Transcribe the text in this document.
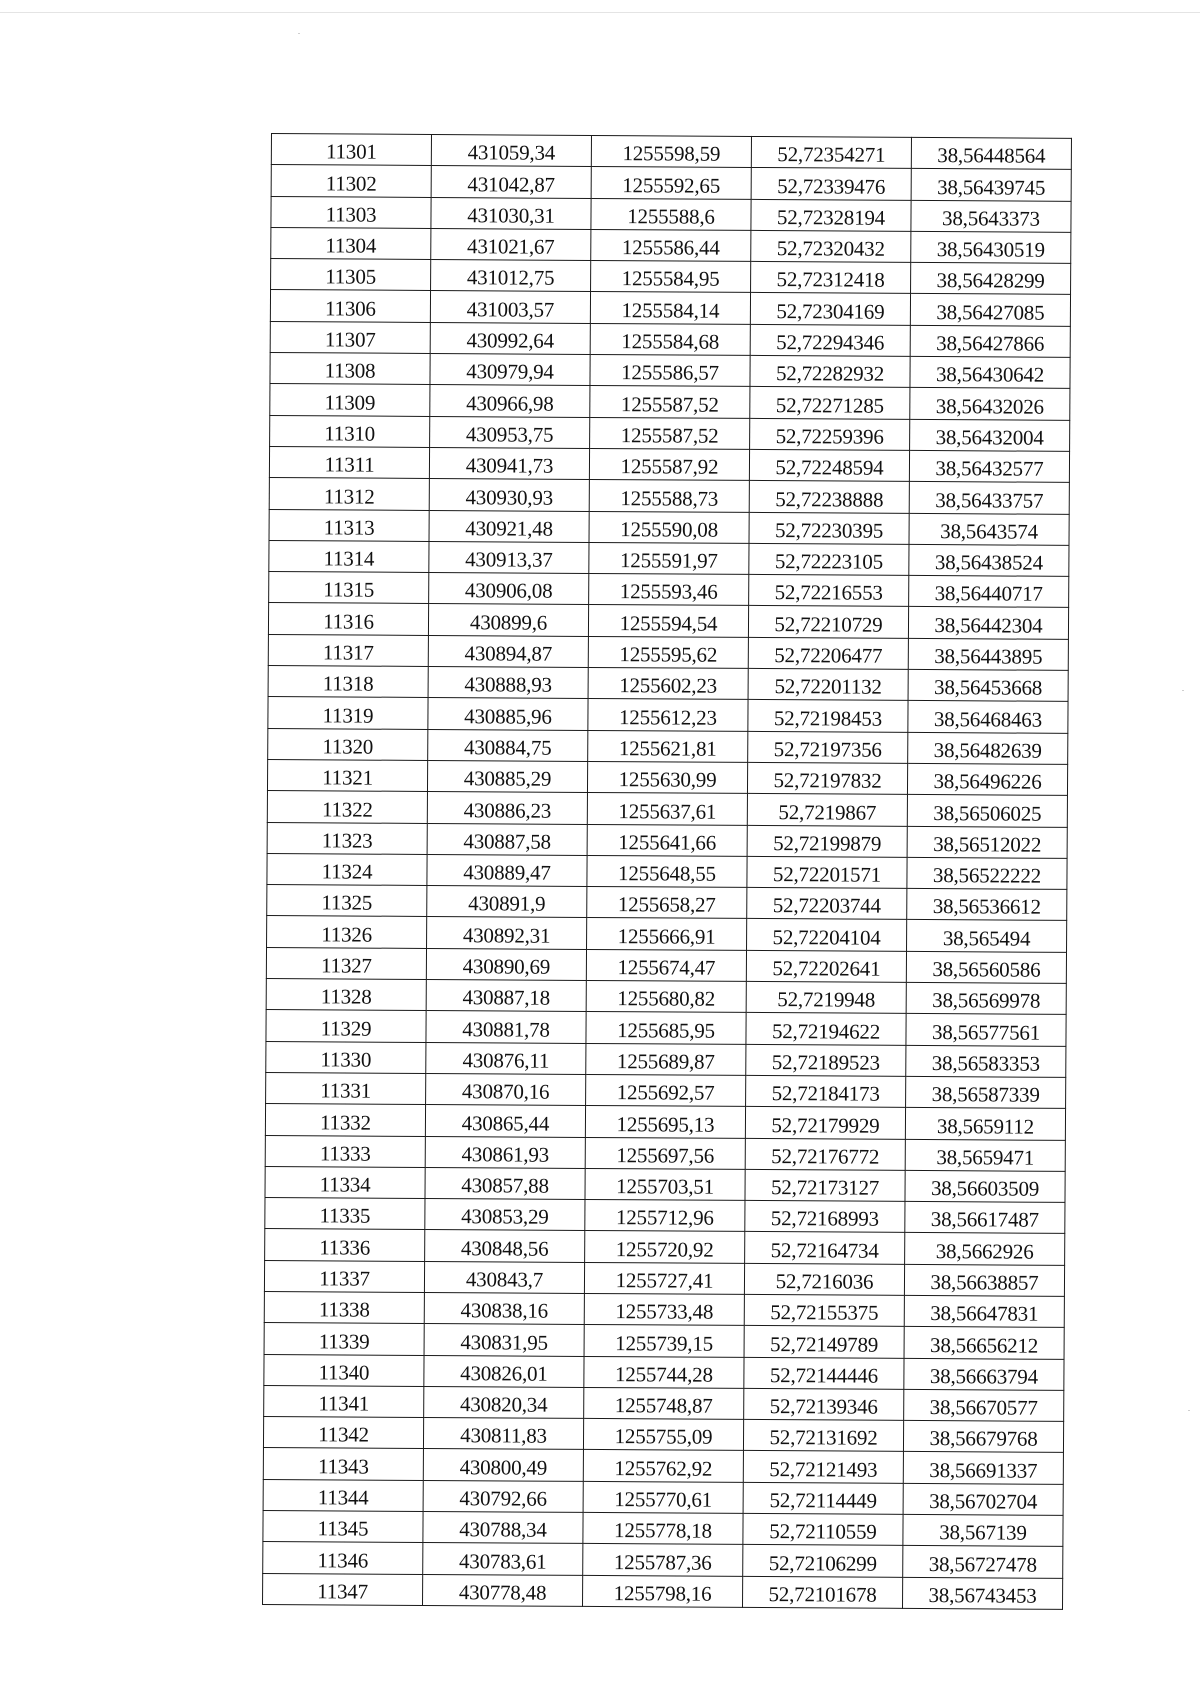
11301	431059,34	1255598,59	52,72354271	38,56448564
11302	431042,87	1255592,65	52,72339476	38,56439745
11303	431030,31	1255588,6	52,72328194	38,5643373
11304	431021,67	1255586,44	52,72320432	38,56430519
11305	431012,75	1255584,95	52,72312418	38,56428299
11306	431003,57	1255584,14	52,72304169	38,56427085
11307	430992,64	1255584,68	52,72294346	38,56427866
11308	430979,94	1255586,57	52,72282932	38,56430642
11309	430966,98	1255587,52	52,72271285	38,56432026
11310	430953,75	1255587,52	52,72259396	38,56432004
11311	430941,73	1255587,92	52,72248594	38,56432577
11312	430930,93	1255588,73	52,72238888	38,56433757
11313	430921,48	1255590,08	52,72230395	38,5643574
11314	430913,37	1255591,97	52,72223105	38,56438524
11315	430906,08	1255593,46	52,72216553	38,56440717
11316	430899,6	1255594,54	52,72210729	38,56442304
11317	430894,87	1255595,62	52,72206477	38,56443895
11318	430888,93	1255602,23	52,72201132	38,56453668
11319	430885,96	1255612,23	52,72198453	38,56468463
11320	430884,75	1255621,81	52,72197356	38,56482639
11321	430885,29	1255630,99	52,72197832	38,56496226
11322	430886,23	1255637,61	52,7219867	38,56506025
11323	430887,58	1255641,66	52,72199879	38,56512022
11324	430889,47	1255648,55	52,72201571	38,56522222
11325	430891,9	1255658,27	52,72203744	38,56536612
11326	430892,31	1255666,91	52,72204104	38,565494
11327	430890,69	1255674,47	52,72202641	38,56560586
11328	430887,18	1255680,82	52,7219948	38,56569978
11329	430881,78	1255685,95	52,72194622	38,56577561
11330	430876,11	1255689,87	52,72189523	38,56583353
11331	430870,16	1255692,57	52,72184173	38,56587339
11332	430865,44	1255695,13	52,72179929	38,5659112
11333	430861,93	1255697,56	52,72176772	38,5659471
11334	430857,88	1255703,51	52,72173127	38,56603509
11335	430853,29	1255712,96	52,72168993	38,56617487
11336	430848,56	1255720,92	52,72164734	38,5662926
11337	430843,7	1255727,41	52,7216036	38,56638857
11338	430838,16	1255733,48	52,72155375	38,56647831
11339	430831,95	1255739,15	52,72149789	38,56656212
11340	430826,01	1255744,28	52,72144446	38,56663794
11341	430820,34	1255748,87	52,72139346	38,56670577
11342	430811,83	1255755,09	52,72131692	38,56679768
11343	430800,49	1255762,92	52,72121493	38,56691337
11344	430792,66	1255770,61	52,72114449	38,56702704
11345	430788,34	1255778,18	52,72110559	38,567139
11346	430783,61	1255787,36	52,72106299	38,56727478
11347	430778,48	1255798,16	52,72101678	38,56743453
